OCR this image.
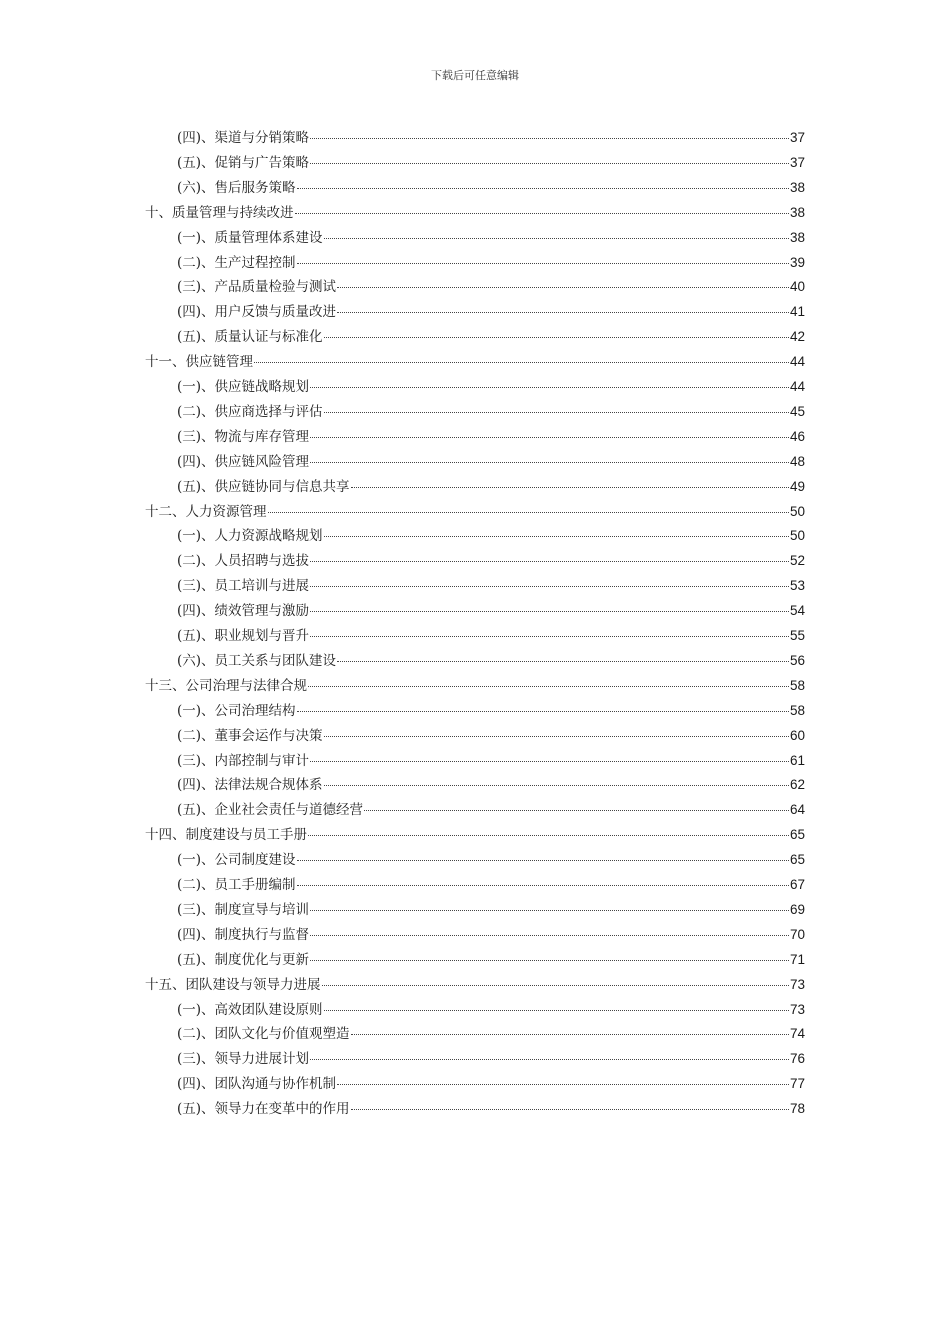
下载后可任意编辑
(四)、渠道与分销策略	37
(五)、促销与广告策略	37
(六)、售后服务策略	38
十、质量管理与持续改进	38
(一)、质量管理体系建设	38
(二)、生产过程控制	39
(三)、产品质量检验与测试	40
(四)、用户反馈与质量改进	41
(五)、质量认证与标准化	42
十一、供应链管理	44
(一)、供应链战略规划	44
(二)、供应商选择与评估	45
(三)、物流与库存管理	46
(四)、供应链风险管理	48
(五)、供应链协同与信息共享	49
十二、人力资源管理	50
(一)、人力资源战略规划	50
(二)、人员招聘与选拔	52
(三)、员工培训与进展	53
(四)、绩效管理与激励	54
(五)、职业规划与晋升	55
(六)、员工关系与团队建设	56
十三、公司治理与法律合规	58
(一)、公司治理结构	58
(二)、董事会运作与决策	60
(三)、内部控制与审计	61
(四)、法律法规合规体系	62
(五)、企业社会责任与道德经营	64
十四、制度建设与员工手册	65
(一)、公司制度建设	65
(二)、员工手册编制	67
(三)、制度宣导与培训	69
(四)、制度执行与监督	70
(五)、制度优化与更新	71
十五、团队建设与领导力进展	73
(一)、高效团队建设原则	73
(二)、团队文化与价值观塑造	74
(三)、领导力进展计划	76
(四)、团队沟通与协作机制	77
(五)、领导力在变革中的作用	78
